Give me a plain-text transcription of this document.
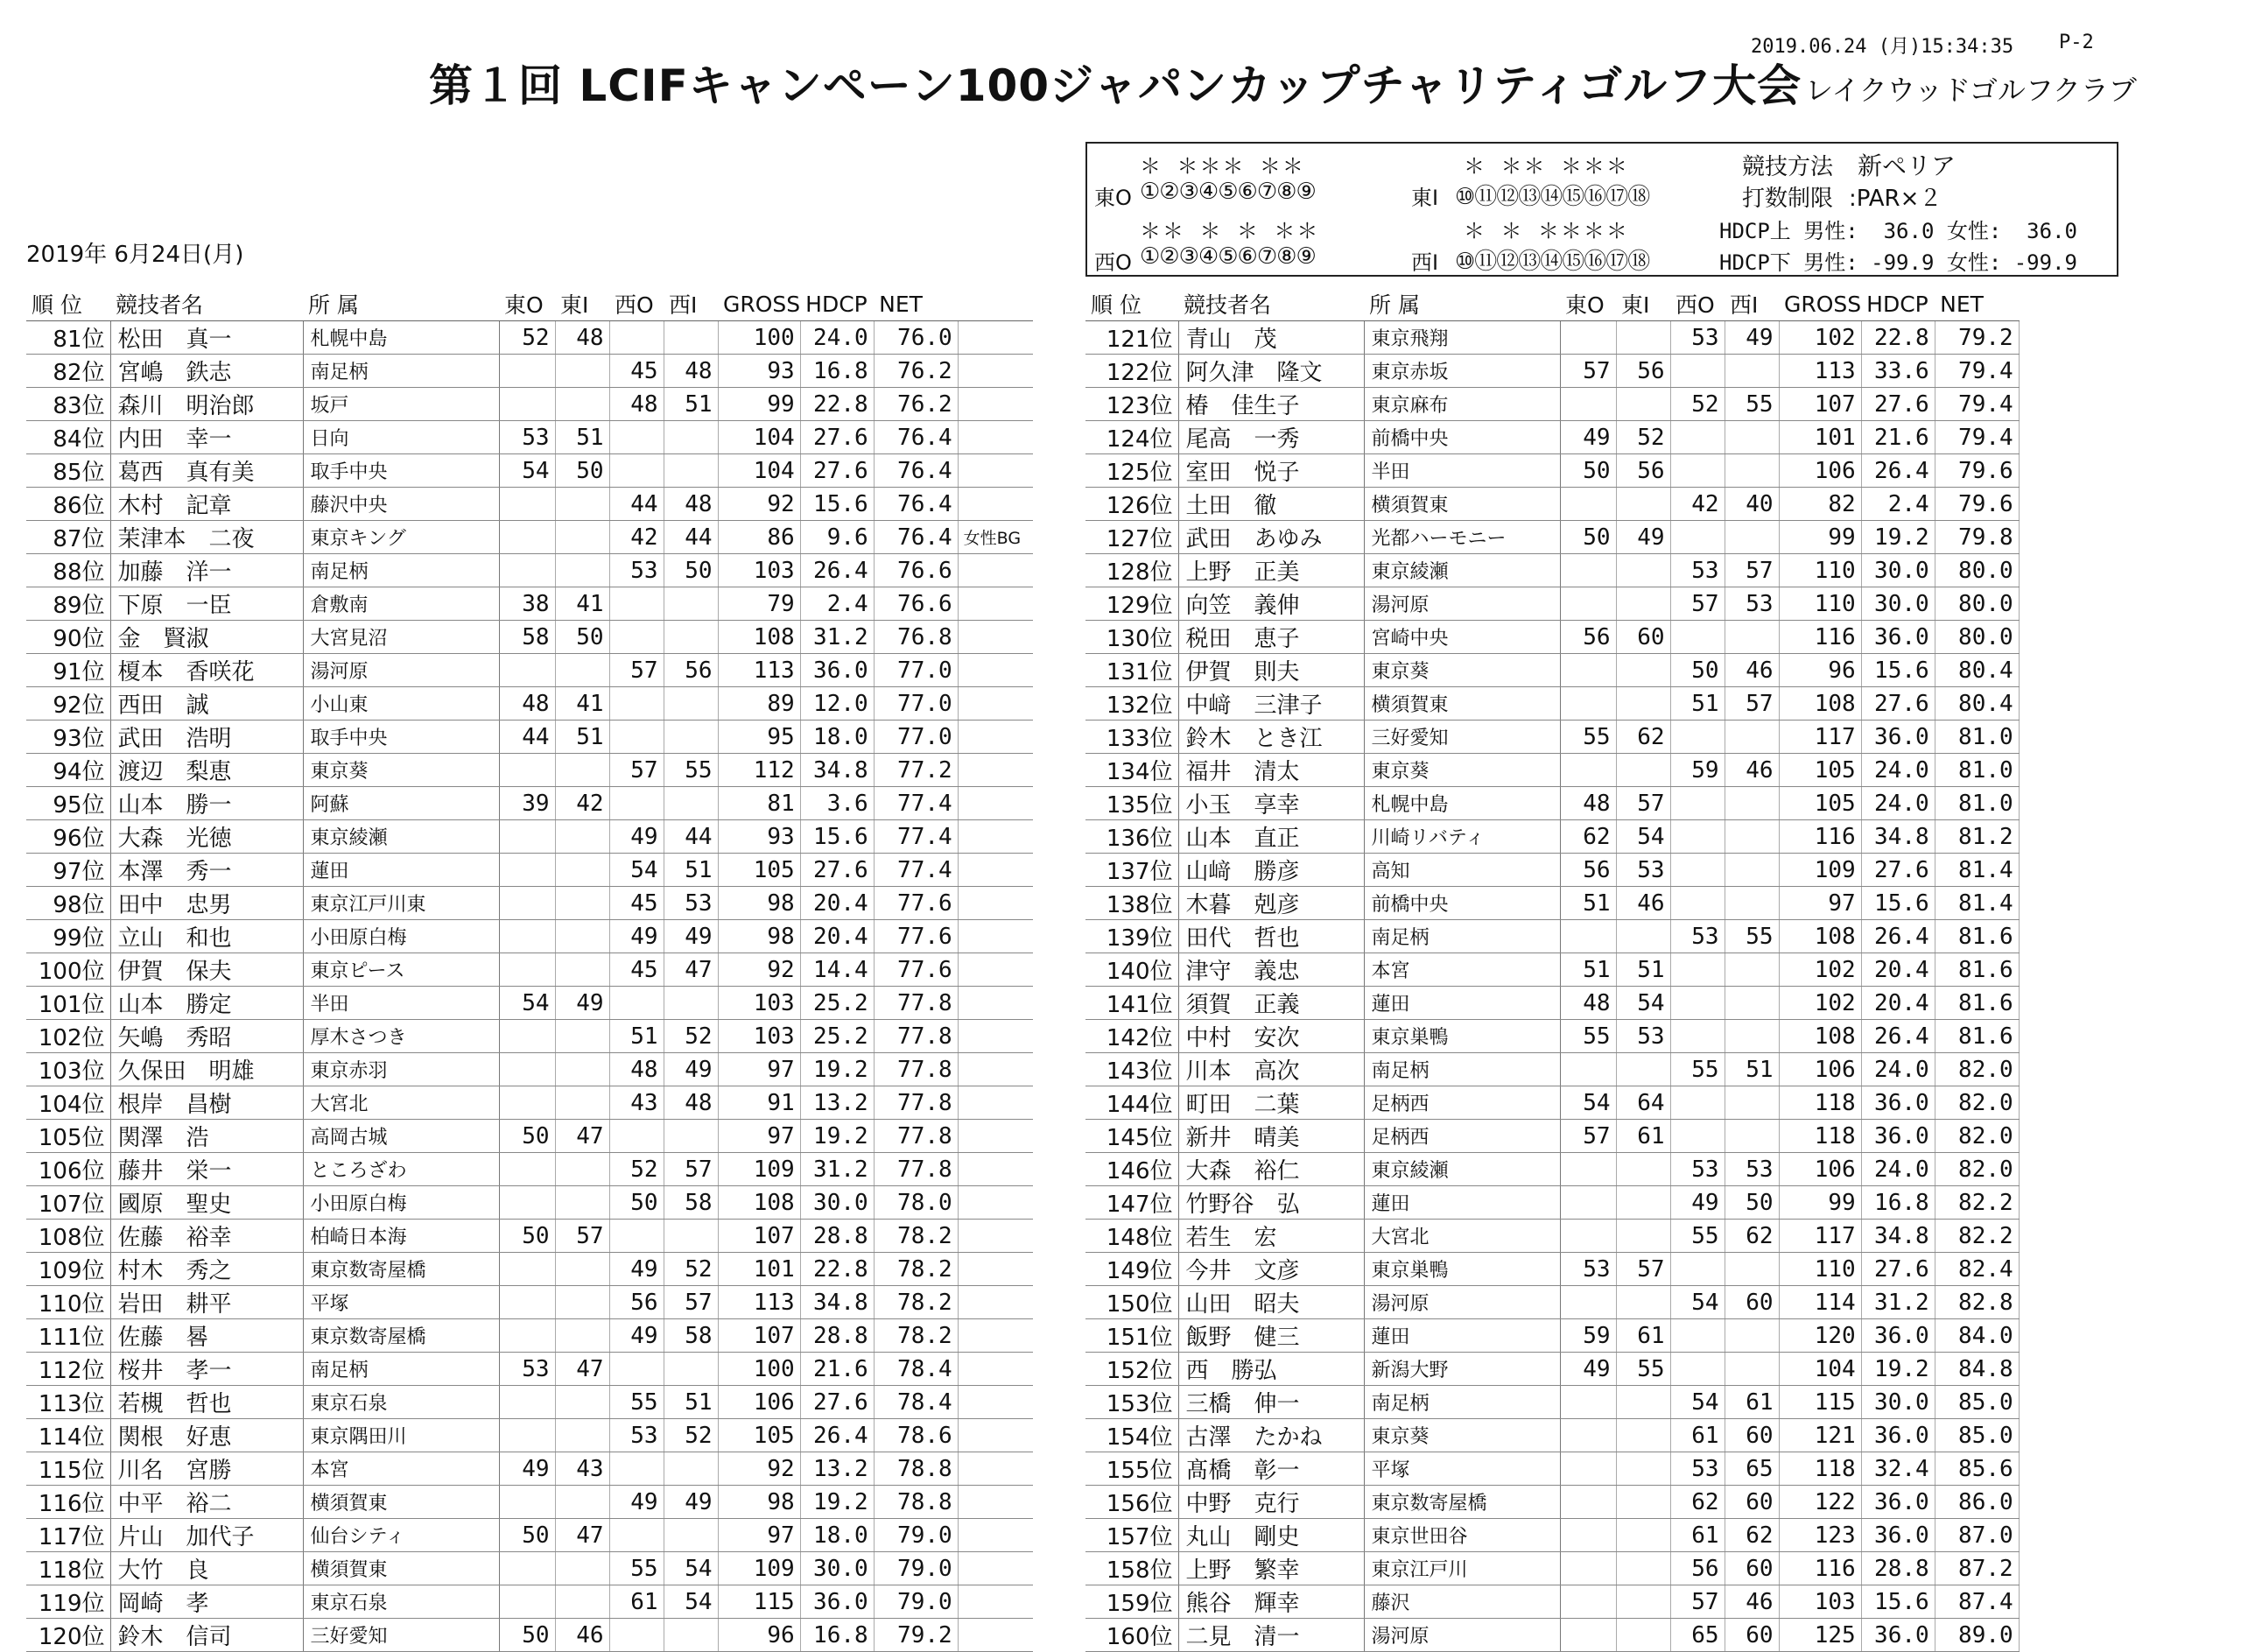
2019.06.24 (月)15:34:35 P-2
第１回 LCIFキャンペーン100ジャパンカップチャリティゴルフ大会 レイクウッドゴルフクラブ
2019年 6月24日(月)
＊ ＊＊＊ ＊＊	＊ ＊＊ ＊＊＊
東O ①②③④⑤⑥⑦⑧⑨	東I ⑩⑪⑫⑬⑭⑮⑯⑰⑱
＊＊ ＊ ＊ ＊＊	＊ ＊ ＊＊＊＊
西O ①②③④⑤⑥⑦⑧⑨	西I ⑩⑪⑫⑬⑭⑮⑯⑰⑱
競技方法 新ペリア
打数制限 :PAR×２
HDCP上 男性:  36.0 女性:  36.0
HDCP下 男性: -99.9 女性: -99.9
順 位	競技者名	所 属	東O	東I	西O	西I	GROSS	HDCP	NET	
81位	松田　真一	札幌中島	52	48			100	24.0	76.0	
82位	宮嶋　鉄志	南足柄			45	48	93	16.8	76.2	
83位	森川　明治郎	坂戸			48	51	99	22.8	76.2	
84位	内田　幸一	日向	53	51			104	27.6	76.4	
85位	葛西　真有美	取手中央	54	50			104	27.6	76.4	
86位	木村　記章	藤沢中央			44	48	92	15.6	76.4	
87位	茉津本　二夜	東京キング			42	44	86	9.6	76.4	女性BG
88位	加藤　洋一	南足柄			53	50	103	26.4	76.6	
89位	下原　一臣	倉敷南	38	41			79	2.4	76.6	
90位	金　賢淑	大宮見沼	58	50			108	31.2	76.8	
91位	榎本　香咲花	湯河原			57	56	113	36.0	77.0	
92位	西田　誠	小山東	48	41			89	12.0	77.0	
93位	武田　浩明	取手中央	44	51			95	18.0	77.0	
94位	渡辺　梨恵	東京葵			57	55	112	34.8	77.2	
95位	山本　勝一	阿蘇	39	42			81	3.6	77.4	
96位	大森　光徳	東京綾瀬			49	44	93	15.6	77.4	
97位	本澤　秀一	蓮田			54	51	105	27.6	77.4	
98位	田中　忠男	東京江戸川東			45	53	98	20.4	77.6	
99位	立山　和也	小田原白梅			49	49	98	20.4	77.6	
100位	伊賀　保夫	東京ピース			45	47	92	14.4	77.6	
101位	山本　勝定	半田	54	49			103	25.2	77.8	
102位	矢嶋　秀昭	厚木さつき			51	52	103	25.2	77.8	
103位	久保田　明雄	東京赤羽			48	49	97	19.2	77.8	
104位	根岸　昌樹	大宮北			43	48	91	13.2	77.8	
105位	関澤　浩	高岡古城	50	47			97	19.2	77.8	
106位	藤井　栄一	ところざわ			52	57	109	31.2	77.8	
107位	國原　聖史	小田原白梅			50	58	108	30.0	78.0	
108位	佐藤　裕幸	柏崎日本海	50	57			107	28.8	78.2	
109位	村木　秀之	東京数寄屋橋			49	52	101	22.8	78.2	
110位	岩田　耕平	平塚			56	57	113	34.8	78.2	
111位	佐藤　晷	東京数寄屋橋			49	58	107	28.8	78.2	
112位	桜井　孝一	南足柄	53	47			100	21.6	78.4	
113位	若槻　哲也	東京石泉			55	51	106	27.6	78.4	
114位	関根　好恵	東京隅田川			53	52	105	26.4	78.6	
115位	川名　宮勝	本宮	49	43			92	13.2	78.8	
116位	中平　裕二	横須賀東			49	49	98	19.2	78.8	
117位	片山　加代子	仙台シティ	50	47			97	18.0	79.0	
118位	大竹　良	横須賀東			55	54	109	30.0	79.0	
119位	岡崎　孝	東京石泉			61	54	115	36.0	79.0	
120位	鈴木　信司	三好愛知	50	46			96	16.8	79.2	
順 位	競技者名	所 属	東O	東I	西O	西I	GROSS	HDCP	NET
121位	青山　茂	東京飛翔			53	49	102	22.8	79.2
122位	阿久津　隆文	東京赤坂	57	56			113	33.6	79.4
123位	椿　佳生子	東京麻布			52	55	107	27.6	79.4
124位	尾高　一秀	前橋中央	49	52			101	21.6	79.4
125位	室田　悦子	半田	50	56			106	26.4	79.6
126位	土田　徹	横須賀東			42	40	82	2.4	79.6
127位	武田　あゆみ	光都ハーモニー	50	49			99	19.2	79.8
128位	上野　正美	東京綾瀬			53	57	110	30.0	80.0
129位	向笠　義伸	湯河原			57	53	110	30.0	80.0
130位	税田　恵子	宮崎中央	56	60			116	36.0	80.0
131位	伊賀　則夫	東京葵			50	46	96	15.6	80.4
132位	中﨑　三津子	横須賀東			51	57	108	27.6	80.4
133位	鈴木　とき江	三好愛知	55	62			117	36.0	81.0
134位	福井　清太	東京葵			59	46	105	24.0	81.0
135位	小玉　享幸	札幌中島	48	57			105	24.0	81.0
136位	山本　直正	川崎リバティ	62	54			116	34.8	81.2
137位	山﨑　勝彦	高知	56	53			109	27.6	81.4
138位	木暮　剋彦	前橋中央	51	46			97	15.6	81.4
139位	田代　哲也	南足柄			53	55	108	26.4	81.6
140位	津守　義忠	本宮	51	51			102	20.4	81.6
141位	須賀　正義	蓮田	48	54			102	20.4	81.6
142位	中村　安次	東京巣鴨	55	53			108	26.4	81.6
143位	川本　高次	南足柄			55	51	106	24.0	82.0
144位	町田　二葉	足柄西	54	64			118	36.0	82.0
145位	新井　晴美	足柄西	57	61			118	36.0	82.0
146位	大森　裕仁	東京綾瀬			53	53	106	24.0	82.0
147位	竹野谷　弘	蓮田			49	50	99	16.8	82.2
148位	若生　宏	大宮北			55	62	117	34.8	82.2
149位	今井　文彦	東京巣鴨	53	57			110	27.6	82.4
150位	山田　昭夫	湯河原			54	60	114	31.2	82.8
151位	飯野　健三	蓮田	59	61			120	36.0	84.0
152位	西　勝弘	新潟大野	49	55			104	19.2	84.8
153位	三橋　伸一	南足柄			54	61	115	30.0	85.0
154位	古澤　たかね	東京葵			61	60	121	36.0	85.0
155位	髙橋　彰一	平塚			53	65	118	32.4	85.6
156位	中野　克行	東京数寄屋橋			62	60	122	36.0	86.0
157位	丸山　剛史	東京世田谷			61	62	123	36.0	87.0
158位	上野　繁幸	東京江戸川			56	60	116	28.8	87.2
159位	熊谷　輝幸	藤沢			57	46	103	15.6	87.4
160位	二見　清一	湯河原			65	60	125	36.0	89.0
